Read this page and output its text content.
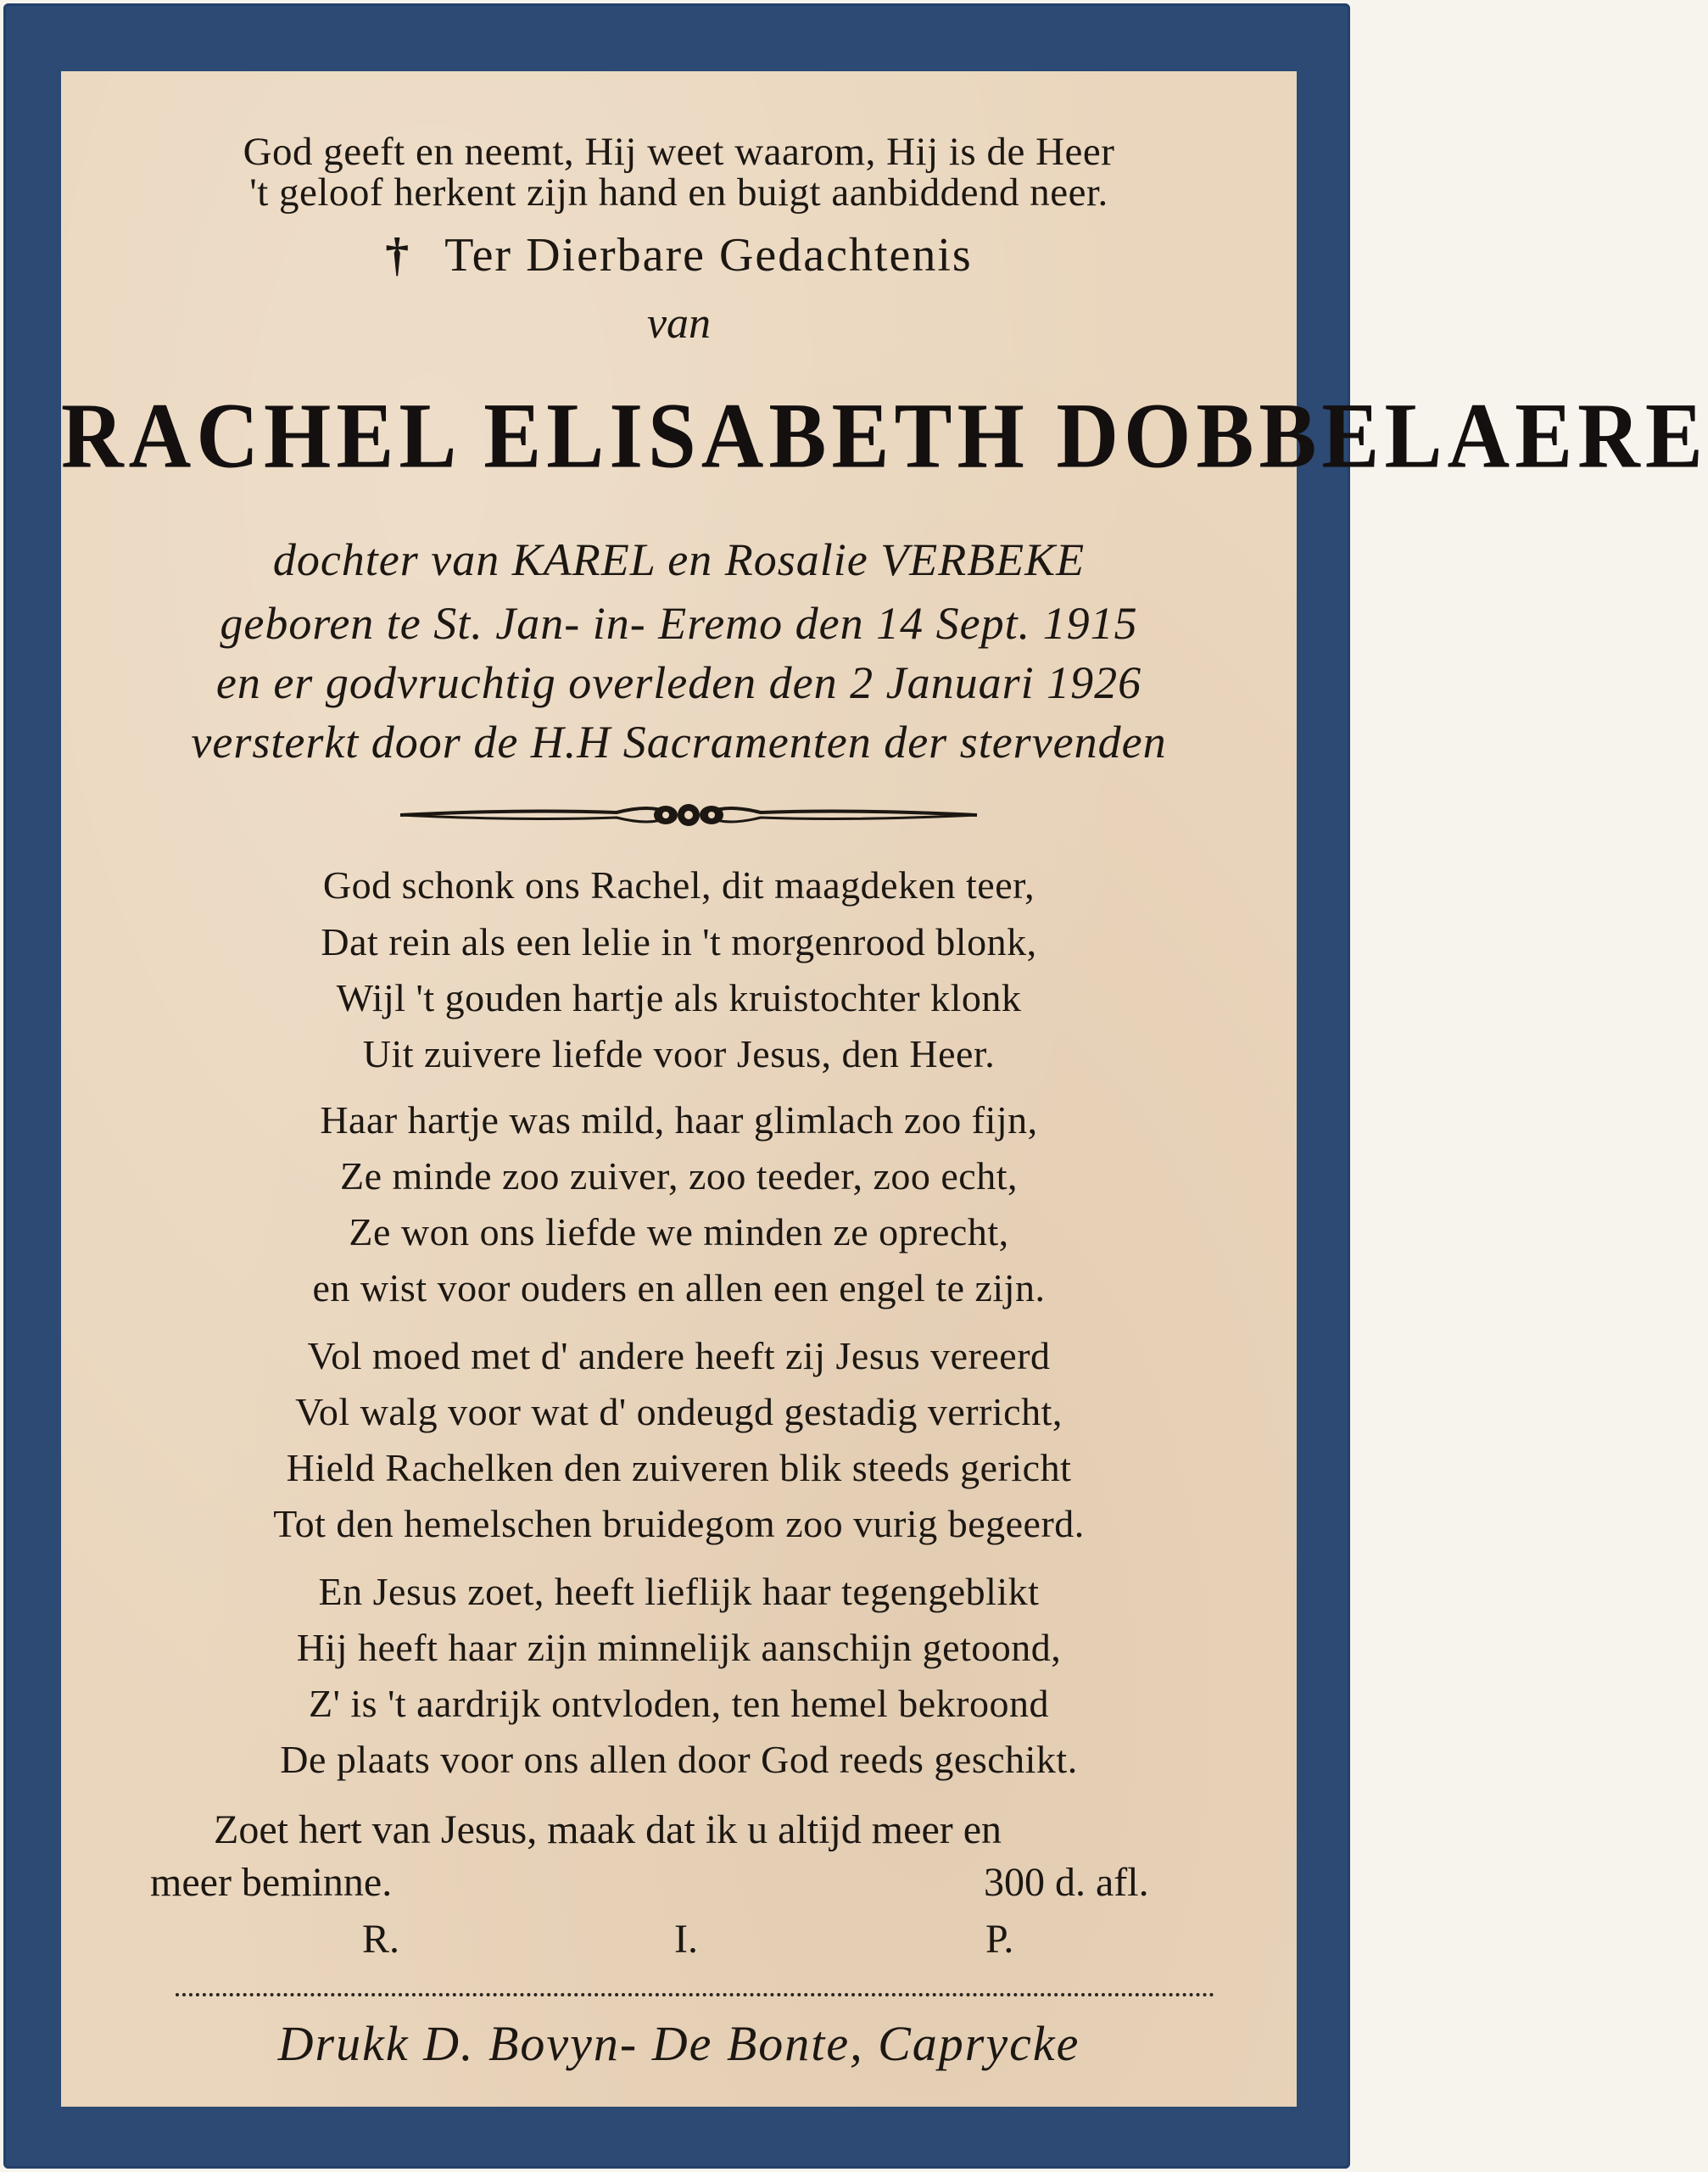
God geeft en neemt, Hij weet waarom, Hij is de Heer

't geloof herkent zijn hand en buigt aanbiddend neer.

† Ter Dierbare Gedachtenis

van

RACHEL ELISABETH DOBBELAERE

dochter van KAREL en Rosalie VERBEKE

geboren te St. Jan- in- Eremo den 14 Sept. 1915

en er godvruchtig overleden den 2 Januari 1926

versterkt door de H.H Sacramenten der stervenden

God schonk ons Rachel, dit maagdeken teer,

Dat rein als een lelie in 't morgenrood blonk,

Wijl 't gouden hartje als kruistochter klonk

Uit zuivere liefde voor Jesus, den Heer.

Haar hartje was mild, haar glimlach zoo fijn,

Ze minde zoo zuiver, zoo teeder, zoo echt,

Ze won ons liefde we minden ze oprecht,

en wist voor ouders en allen een engel te zijn.

Vol moed met d' andere heeft zij Jesus vereerd

Vol walg voor wat d' ondeugd gestadig verricht,

Hield Rachelken den zuiveren blik steeds gericht

Tot den hemelschen bruidegom zoo vurig begeerd.

En Jesus zoet, heeft lieflijk haar tegengeblikt

Hij heeft haar zijn minnelijk aanschijn getoond,

Z' is 't aardrijk ontvloden, ten hemel bekroond

De plaats voor ons allen door God reeds geschikt.

Zoet hert van Jesus, maak dat ik u altijd meer en
meer beminne.	300 d. afl.
R.	I.	P.

Drukk D. Bovyn- De Bonte, Caprycke
